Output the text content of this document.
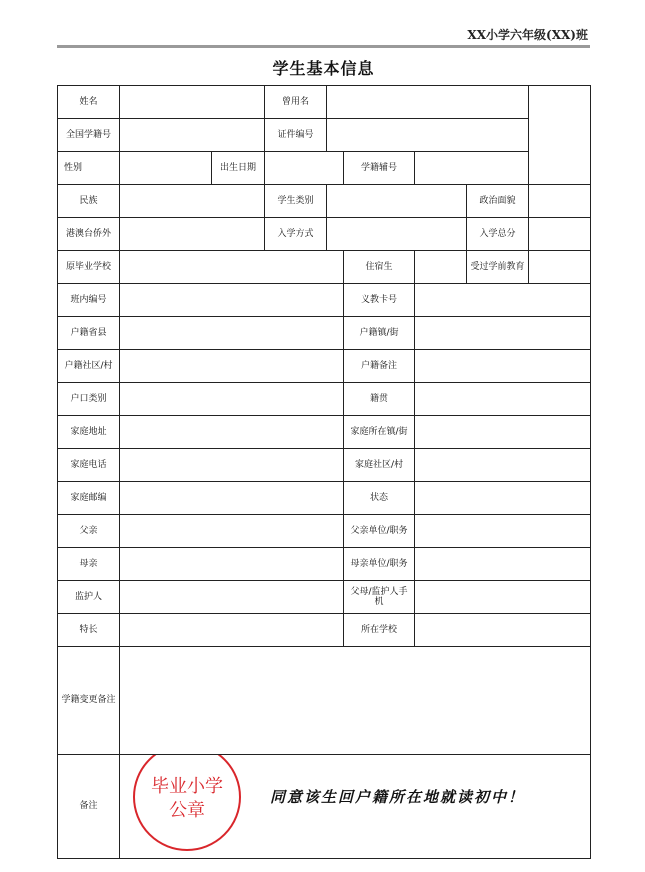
XX小学六年级(XX)班
学生基本信息
姓名			曾用名					
全国学籍号			证件编号					
性别		出生日期			学籍辅号			
民族			学生类别				政治面貌	
港澳台侨外			入学方式				入学总分	
原毕业学校					住宿生		受过学前教育	
班内编号					义教卡号			
户籍省县					户籍镇/街			
户籍社区/村					户籍备注			
户口类别					籍贯			
家庭地址					家庭所在镇/街			
家庭电话					家庭社区/村			
家庭邮编					状态			
父亲					父亲单位/职务			
母亲					母亲单位/职务			
监护人					父母/监护人手机			
特长					所在学校			
学籍变更备注								
备注	毕业小学
公章
同意该生回户籍所在地就读初中！							
